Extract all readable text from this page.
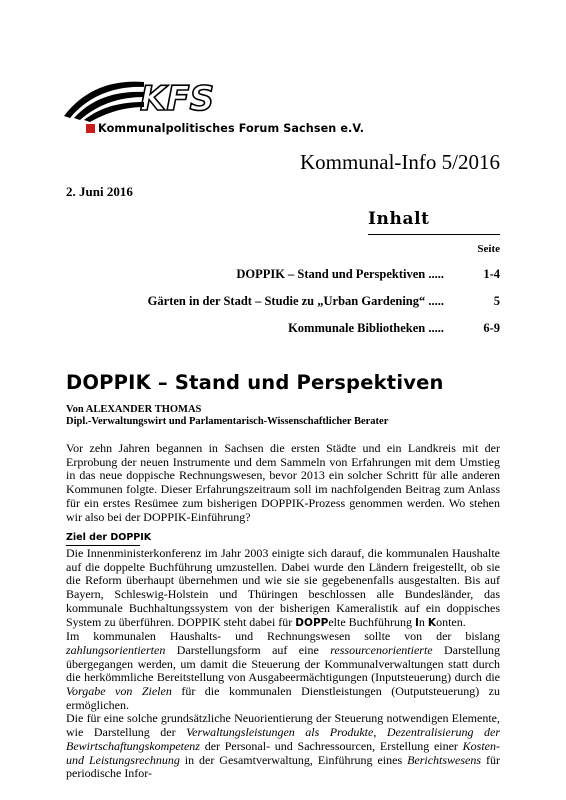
KFS
Kommunalpolitisches Forum Sachsen e.V.
Kommunal-Info 5/2016
2. Juni 2016
Inhalt
Seite
DOPPIK – Stand und Perspektiven .....	1-4
Gärten in der Stadt – Studie zu „Urban Gardening“ .....	5
Kommunale Bibliotheken .....	6-9
DOPPIK – Stand und Perspektiven
Von ALEXANDER THOMAS
Dipl.-Verwaltungswirt und Parlamentarisch-Wissenschaftlicher Berater
Vor zehn Jahren begannen in Sachsen die ersten Städte und ein Landkreis mit der Erprobung der neuen Instrumente und dem Sammeln von Erfahrungen mit dem Umstieg in das neue doppische Rechnungswesen, bevor 2013 ein solcher Schritt für alle anderen Kommunen folgte. Dieser Erfahrungszeitraum soll im nachfolgenden Beitrag zum Anlass für ein erstes Resümee zum bisherigen DOPPIK-Prozess genommen werden. Wo stehen wir also bei der DOPPIK-Einführung?
Ziel der DOPPIK
Die Innenministerkonferenz im Jahr 2003 einigte sich darauf, die kommunalen Haushalte auf die doppelte Buchführung umzustellen. Dabei wurde den Ländern freigestellt, ob sie die Reform überhaupt übernehmen und wie sie sie gegebenenfalls ausgestalten. Bis auf Bayern, Schleswig-Holstein und Thüringen beschlossen alle Bundesländer, das kommunale Buchhaltungssystem von der bisherigen Kameralistik auf ein doppisches System zu überführen. DOPPIK steht dabei für DOPPelte Buchführung In Konten.
Im kommunalen Haushalts- und Rechnungswesen sollte von der bislang zahlungsorientierten Darstellungsform auf eine ressourcenorientierte Darstellung übergegangen werden, um damit die Steuerung der Kommunalverwaltungen statt durch die herkömmliche Bereitstellung von Ausgabeermächtigungen (Inputsteuerung) durch die Vorgabe von Zielen für die kommunalen Dienstleistungen (Outputsteuerung) zu ermöglichen.
Die für eine solche grundsätzliche Neuorientierung der Steuerung notwendigen Elemente, wie Darstellung der Verwaltungsleistungen als Produkte, Dezentralisierung der Bewirtschaftungskompetenz der Personal- und Sachressourcen, Erstellung einer Kosten- und Leistungsrechnung in der Gesamtverwaltung, Einführung eines Berichtswesens für periodische Infor-
